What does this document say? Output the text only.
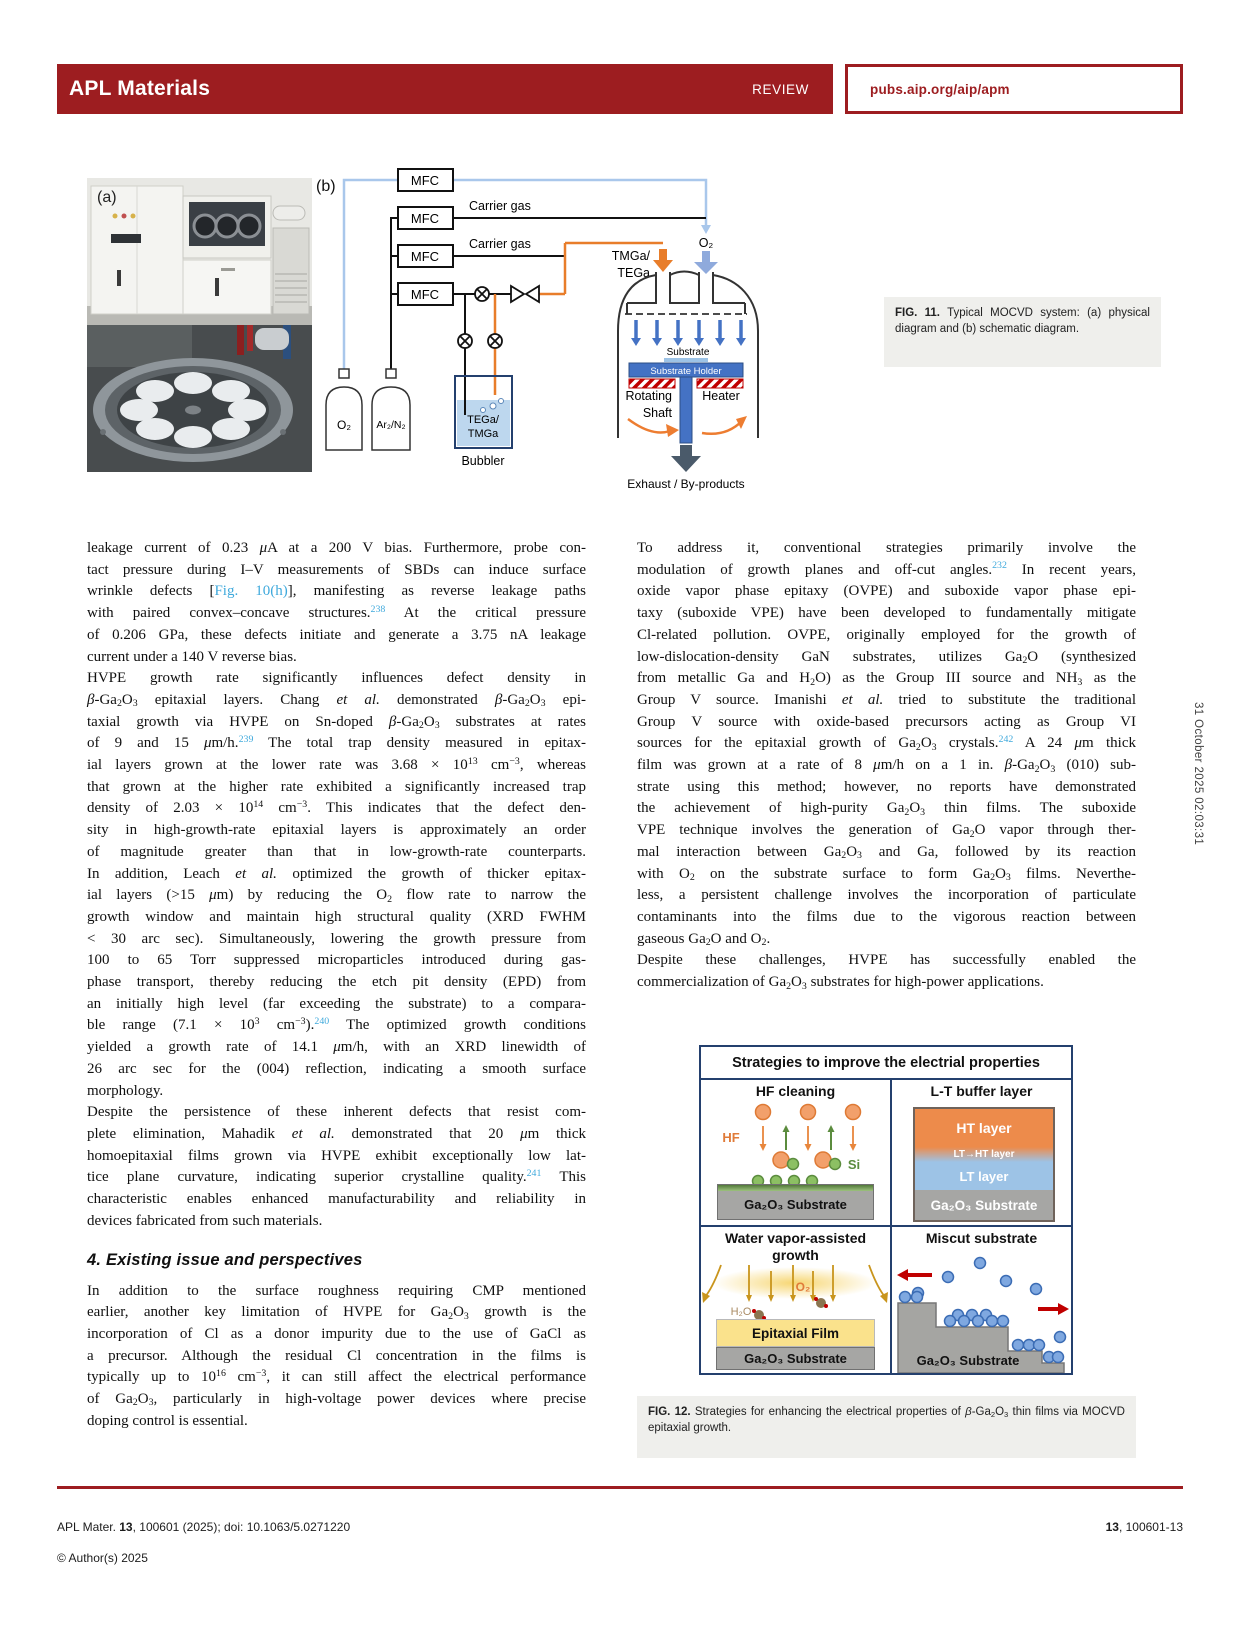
APL Materials	REVIEW	pubs.aip.org/aip/apm
(a)
(b)	MFC
MFC
MFC
MFC
Carrier gas
Carrier gas
O₂ Ar₂/N₂	TEGa/
TMGa
Bubbler
TMGa/
TEGa
O₂
Substrate
Substrate Holder
Heater
Rotating
Shaft
Exhaust / By-products
FIG. 11. Typical MOCVD system: (a) physical diagram and (b) schematic diagram.
leakage current of 0.23 μA at a 200 V bias. Furthermore, probe con-
tact pressure during I–V measurements of SBDs can induce surface
wrinkle defects [Fig. 10(h)], manifesting as reverse leakage paths
with paired convex–concave structures.$^{238}$ At the critical pressure
of 0.206 GPa, these defects initiate and generate a 3.75 nA leakage
current under a 140 V reverse bias.
HVPE growth rate significantly influences defect density in
$\beta-Ga_2O_3$ epitaxial layers. Chang et al. demonstrated $\beta-Ga_2O_3$ epi-
taxial growth via HVPE on Sn-doped $\beta-Ga_2O_3$ substrates at rates
of 9 and 15 μm/h.$^{239}$ The total trap density measured in epitax-
ial layers grown at the lower rate was $3.68 \times 10^{13}$ $cm^{-3}$, whereas
that grown at the higher rate exhibited a significantly increased trap
density of $2.03 \times 10^{14}$ $cm^{-3}$. This indicates that the defect den-
sity in high-growth-rate epitaxial layers is approximately an order
of magnitude greater than that in low-growth-rate counterparts.
In addition, Leach et al. optimized the growth of thicker epitax-
ial layers (>15 μm) by reducing the $O_2$ flow rate to narrow the
growth window and maintain high structural quality (XRD FWHM
< 30 arc sec). Simultaneously, lowering the growth pressure from
100 to 65 Torr suppressed microparticles introduced during gas-
phase transport, thereby reducing the etch pit density (EPD) from
an initially high level (far exceeding the substrate) to a compara-
ble range ($7.1 \times 10^3$ $cm^{-3}).^{240}$ The optimized growth conditions
yielded a growth rate of 14.1 μm/h, with an XRD linewidth of
26 arc sec for the (004) reflection, indicating a smooth surface
morphology.
Despite the persistence of these inherent defects that resist com-
plete elimination, Mahadik et al. demonstrated that 20 μm thick
homoepitaxial films grown via HVPE exhibit exceptionally low lat-
tice plane curvature, indicating superior crystalline quality.$^{241}$ This
characteristic enables enhanced manufacturability and reliability in
devices fabricated from such materials.
4. Existing issue and perspectives
In addition to the surface roughness requiring CMP mentioned
earlier, another key limitation of HVPE for $Ga_2O_3$ growth is the
incorporation of Cl as a donor impurity due to the use of GaCl as
a precursor. Although the residual Cl concentration in the films is
typically up to $10^{16}$ $cm^{-3}$, it can still affect the electrical performance
of $Ga_2O_3$, particularly in high-voltage power devices where precise
doping control is essential.
To address it, conventional strategies primarily involve the
modulation of growth planes and off-cut angles.$^{232}$ In recent years,
oxide vapor phase epitaxy (OVPE) and suboxide vapor phase epi-
taxy (suboxide VPE) have been developed to fundamentally mitigate
Cl-related pollution. OVPE, originally employed for the growth of
low-dislocation-density GaN substrates, utilizes $Ga_2O$ (synthesized
from metallic Ga and $H_2O$) as the Group III source and $NH_3$ as the
Group V source. Imanishi et al. tried to substitute the traditional
Group V source with oxide-based precursors acting as Group VI
sources for the epitaxial growth of $Ga_2O_3$ crystals.$^{242}$ A 24 μm thick
film was grown at a rate of 8 μm/h on a 1 in. $\beta-Ga_2O_3$ (010) sub-
strate using this method; however, no reports have demonstrated
the achievement of high-purity $Ga_2O_3$ thin films. The suboxide
VPE technique involves the generation of $Ga_2O$ vapor through ther-
mal interaction between $Ga_2O_3$ and Ga, followed by its reaction
with $O_2$ on the substrate surface to form $Ga_2O_3$ films. Neverthe-
less, a persistent challenge involves the incorporation of particulate
contaminants into the films due to the vigorous reaction between
gaseous $Ga_2O$ and $O_2$.
Despite these challenges, HVPE has successfully enabled the
commercialization of $Ga_2O_3$ substrates for high-power applications.
Strategies to improve the electrial properties
HF cleaning
HF
Si
Ga₂O₃ Substrate
L-T buffer layer
HT layer
LT→HT layer
LT layer
Ga₂O₃ Substrate
Water vapor-assisted
growth
O₂
H₂O
Epitaxial Film
Ga₂O₃ Substrate
Miscut substrate
Ga₂O₃ Substrate
FIG. 12. Strategies for enhancing the electrical properties of $\beta-Ga_2O_3$ thin films via MOCVD epitaxial growth.
APL Mater. 13, 100601 (2025); doi: 10.1063/5.0271220
© Author(s) 2025
13, 100601-13
31 October 2025 02:03:31
